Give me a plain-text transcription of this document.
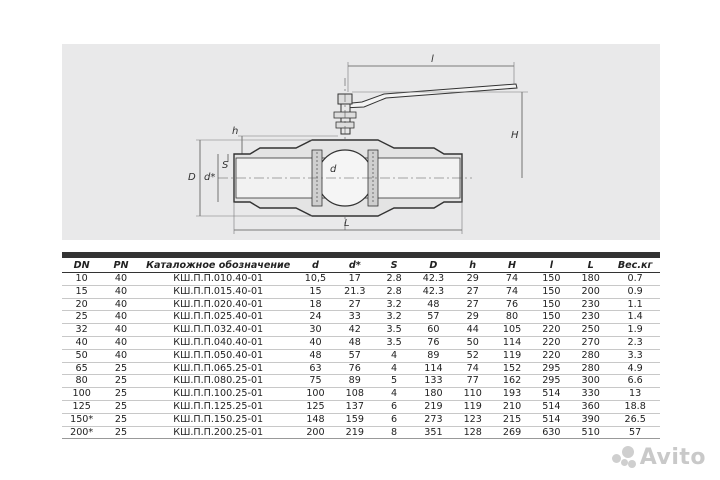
l
H
h
D d*
S	d
L
DN	PN	Каталожное обозначение	d	d*	S	D	h	H	l	L	Вес.кг
10	40	КШ.П.П.010.40-01	10,5	17	2.8	42.3	29	74	150	180	0.7
15	40	КШ.П.П.015.40-01	15	21.3	2.8	42.3	27	74	150	200	0.9
20	40	КШ.П.П.020.40-01	18	27	3.2	48	27	76	150	230	1.1
25	40	КШ.П.П.025.40-01	24	33	3.2	57	29	80	150	230	1.4
32	40	КШ.П.П.032.40-01	30	42	3.5	60	44	105	220	250	1.9
40	40	КШ.П.П.040.40-01	40	48	3.5	76	50	114	220	270	2.3
50	40	КШ.П.П.050.40-01	48	57	4	89	52	119	220	280	3.3
65	25	КШ.П.П.065.25-01	63	76	4	114	74	152	295	280	4.9
80	25	КШ.П.П.080.25-01	75	89	5	133	77	162	295	300	6.6
100	25	КШ.П.П.100.25-01	100	108	4	180	110	193	514	330	13
125	25	КШ.П.П.125.25-01	125	137	6	219	119	210	514	360	18.8
150*	25	КШ.П.П.150.25-01	148	159	6	273	123	215	514	390	26.5
200*	25	КШ.П.П.200.25-01	200	219	8	351	128	269	630	510	57
Avito
